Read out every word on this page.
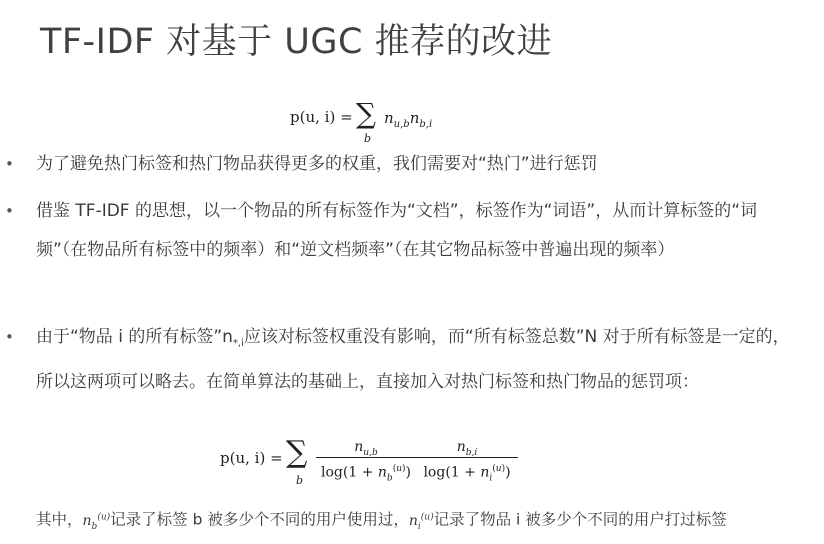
TF-IDF 对基于 UGC 推荐的改进
p(u, i) = ∑
b
$n_{u,b}n_{b,i}$
• 为了避免热门标签和热门物品获得更多的权重，我们需要对“热门”进行惩罚
• 借鉴 TF-IDF 的思想，以一个物品的所有标签作为“文档”，标签作为“词语”，从而计算标签的“词频”（在物品所有标签中的频率）和“逆文档频率”（在其它物品标签中普遍出现的频率）
• 由于“物品 i 的所有标签$”n_{*,i}$应该对标签权重没有影响，而“所有标签总数”N 对于所有标签是一定的，所以这两项可以略去。在简单算法的基础上，直接加入对热门标签和热门物品的惩罚项：
p(u, i) = ∑
b
$n_{u,b}$
$\log(1 + n_b^{(u)})$
$n_{b,i}$
$\log(1 + n_i^{(u)})$
其中，$n_b^{(u)}$记录了标签 b 被多少个不同的用户使用过，$n_i^{(u)}$记录了物品 i 被多少个不同的用户打过标签
